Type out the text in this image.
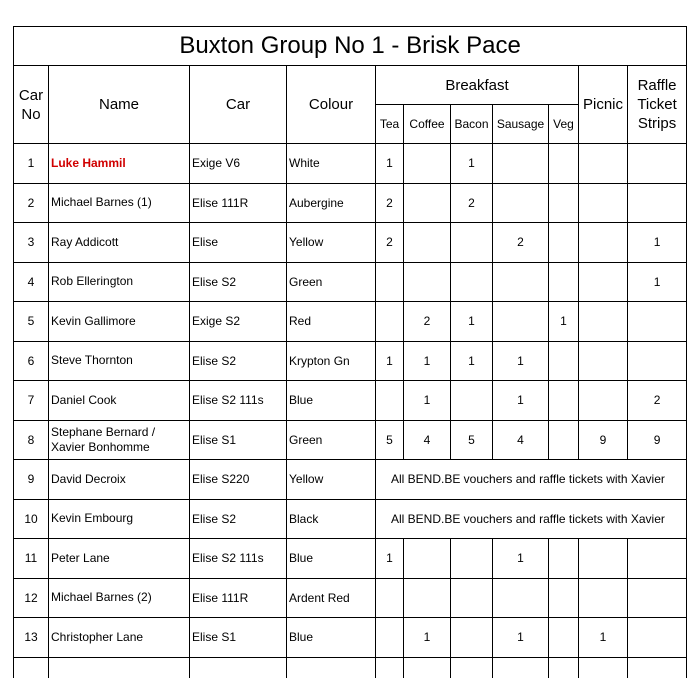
Buxton Group No 1 - Brisk Pace										
Car No	Name	Car	Colour	Breakfast					Picnic	Raffle Ticket Strips
				Tea	Coffee	Bacon	Sausage	Veg		
1	Luke Hammil	Exige V6	White	1		1				
2	Michael Barnes (1)	Elise 111R	Aubergine	2		2				
3	Ray Addicott	Elise	Yellow	2			2			1
4	Rob Ellerington	Elise S2	Green							1
5	Kevin Gallimore	Exige S2	Red		2	1		1		
6	Steve Thornton	Elise S2	Krypton Gn	1	1	1	1			
7	Daniel Cook	Elise S2 111s	Blue		1		1			2
8	Stephane Bernard / Xavier Bonhomme	Elise S1	Green	5	4	5	4		9	9
9	David Decroix	Elise S220	Yellow	All BEND.BE vouchers and raffle tickets with Xavier						
10	Kevin Embourg	Elise S2	Black	All BEND.BE vouchers and raffle tickets with Xavier						
11	Peter Lane	Elise S2 111s	Blue	1			1			
12	Michael Barnes (2)	Elise 111R	Ardent Red							
13	Christopher Lane	Elise S1	Blue		1		1		1	
